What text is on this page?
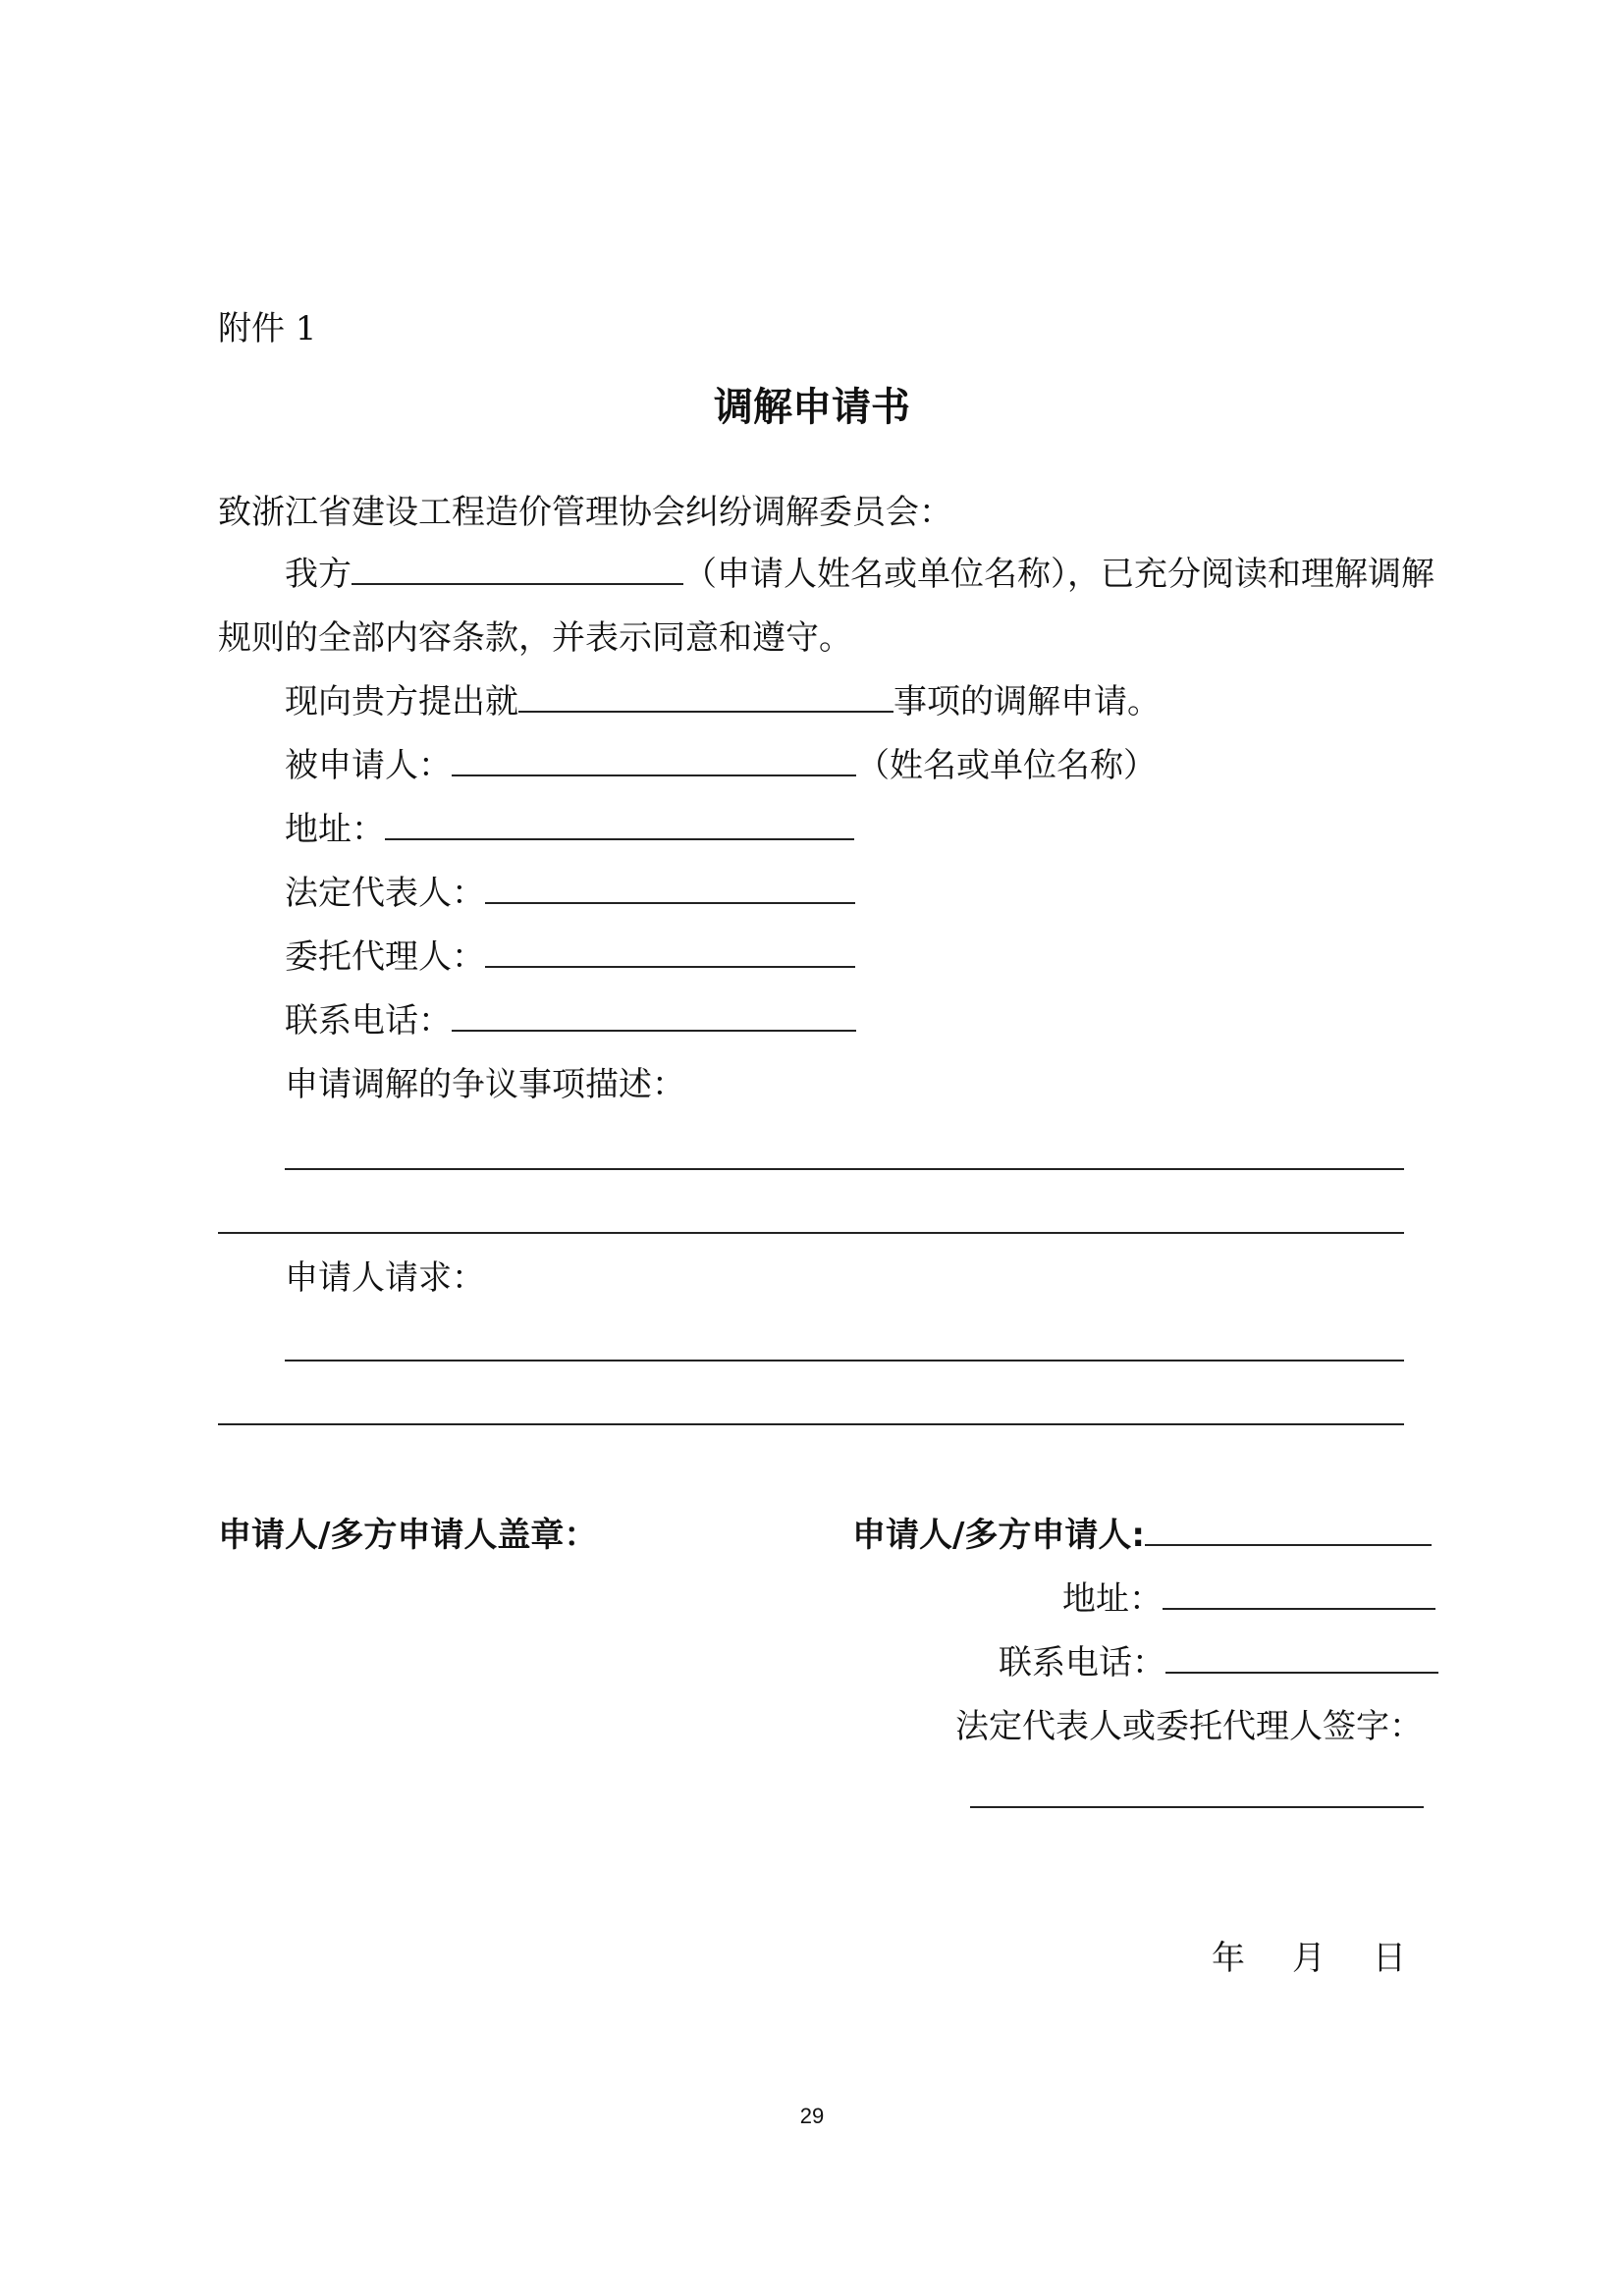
附件 1
调解申请书
致浙江省建设工程造价管理协会纠纷调解委员会：
我方	（申请人姓名或单位名称），已充分阅读和理解调解
规则的全部内容条款，并表示同意和遵守。
现向贵方提出就	事项的调解申请。
被申请人：	（姓名或单位名称）
地址：
法定代表人：
委托代理人：
联系电话：
申请调解的争议事项描述：
申请人请求：
申请人/多方申请人盖章：	申请人/多方申请人:
地址：
联系电话：
法定代表人或委托代理人签字：
年 月 日
29
